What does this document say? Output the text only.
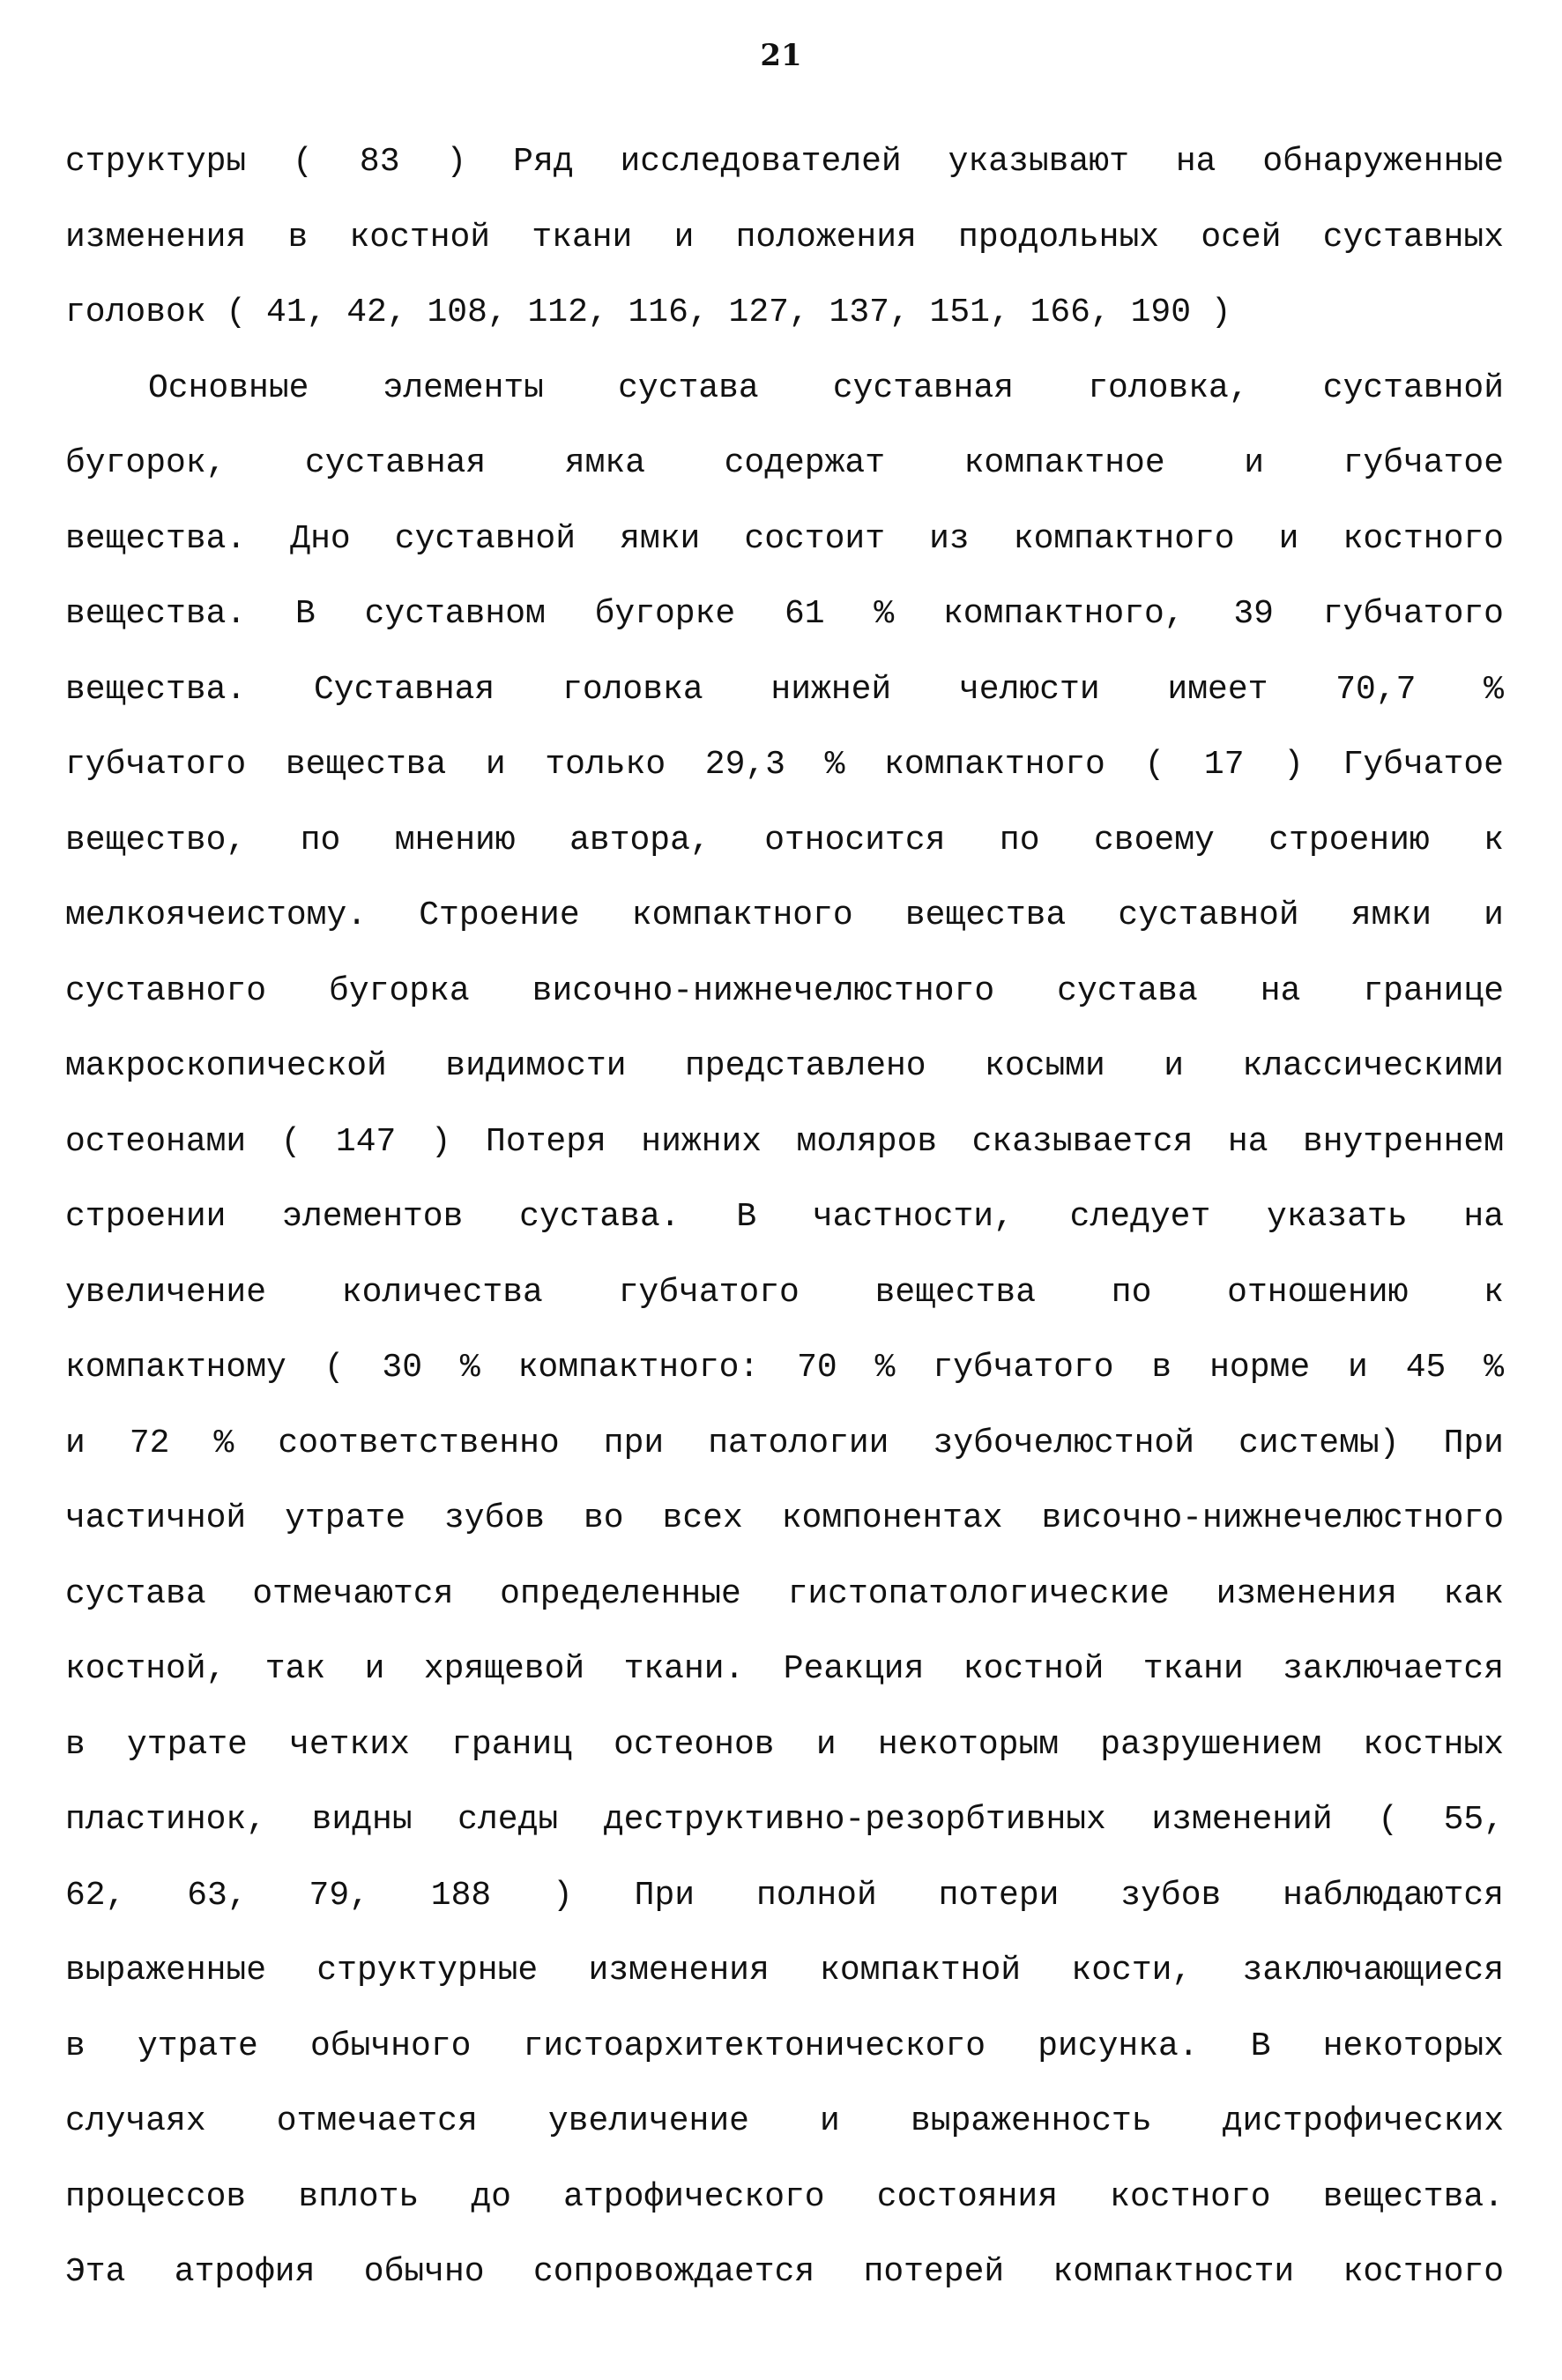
21
структуры ( 83 ) Ряд исследователей указывают на обнаруженные
изменения в костной ткани и положения продольных осей суставных
головок ( 41, 42, 108, 112, 116, 127, 137, 151, 166, 190 )
Основные элементы сустава суставная головка, суставной
бугорок, суставная ямка содержат компактное и губчатое
вещества. Дно суставной ямки состоит из компактного и костного
вещества. В суставном бугорке 61 % компактного, 39 губчатого
вещества. Суставная головка нижней челюсти имеет 70,7 %
губчатого вещества и только 29,3 % компактного ( 17 ) Губчатое
вещество, по мнению автора, относится по своему строению к
мелкоячеистому. Строение компактного вещества суставной ямки и
суставного бугорка височно-нижнечелюстного сустава на границе
макроскопической видимости представлено косыми и классическими
остеонами ( 147 ) Потеря нижних моляров сказывается на внутреннем
строении элементов сустава. В частности, следует указать на
увеличение количества губчатого вещества по отношению к
компактному ( 30 % компактного: 70 % губчатого в норме и 45 %
и 72 % соответственно при патологии зубочелюстной системы) При
частичной утрате зубов во всех компонентах височно-нижнечелюстного
сустава отмечаются определенные гистопатологические изменения как
костной, так и хрящевой ткани. Реакция костной ткани заключается
в утрате четких границ остеонов и некоторым разрушением костных
пластинок, видны следы деструктивно-резорбтивных изменений ( 55,
62, 63, 79, 188 ) При полной потери зубов наблюдаются
выраженные структурные изменения компактной кости, заключающиеся
в утрате обычного гистоархитектонического рисунка. В некоторых
случаях отмечается увеличение и выраженность дистрофических
процессов вплоть до атрофического состояния костного вещества.
Эта атрофия обычно сопровождается потерей компактности костного
